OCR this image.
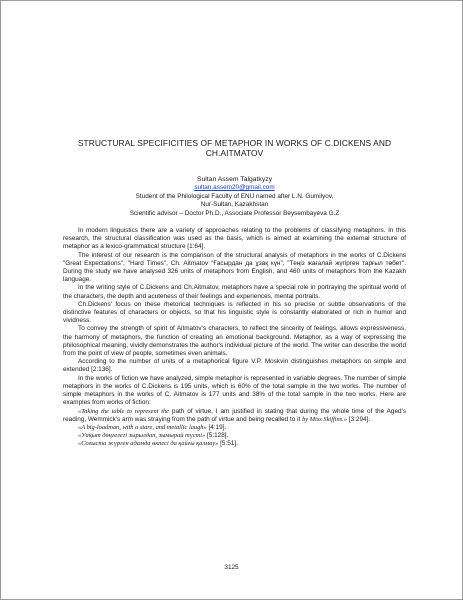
STRUCTURAL SPECIFICITIES OF METAPHOR IN WORKS OF C.DICKENS AND CH.AITMATOV
Sultan Assem Talgatkyzy
sultan.assem20@gmail.com
Student of the Philological Faculty of ENU named after L.N. Gumilyov,
Nur-Sultan, Kazakhstan
Scientific advisor – Doctor Ph.D., Associate Professor Beysembayeva G.Z

In modern linguistics there are a variety of approaches relating to the problems of classifying metaphors. In this research, the structural classification was used as the basis, which is aimed at examining the external structure of metaphor as a lexico-grammatical structure [1:64].

The interest of our research is the comparison of the structural analysis of metaphors in the works of C.Dickens "Great Expectations", "Hard Times", Ch. Aitmatov "Ғасырдан да ұзақ күн", "Теңіз жағалай жүгірген тарғыл төбет". During the study we have analysed 326 units of metaphors from English, and 460 units of metaphors from the Kazakh language.

In the writing style of C.Dickens and Ch.Aitmatov, metaphors have a special role in portraying the spiritual world of the characters, the depth and acuteness of their feelings and experiences, mental portraits.

Ch.Dickens' focus on these rhetorical techniques is reflected in his so precise or subtle observations of the distinctive features of characters or objects, so that his linguistic style is constantly elaborated or rich in humor and vividness.

To convey the strength of spirit of Aitmatov's characters, to reflect the sincerity of feelings, allows expressiveness, the harmony of metaphors, the function of creating an emotional background. Metaphor, as a way of expressing the philosophical meaning, vividly demonstrates the author's individual picture of the world. The writer can describe the world from the point of view of people, sometimes even animals.

According to the number of units of a metaphorical figure V.P. Moskvin distinguishes metaphors on simple and extended [2:136].

In the works of fiction we have analyzed, simple metaphor is represented in variable degrees. The number of simple metaphors in the works of C.Dickens is 195 units, which is 60% of the total sample in the two works. The number of simple metaphors in the works of C. Aitmatov is 177 units and 38% of the total sample in the two works. Here are examples from works of fiction:

«Taking the table to represent the path of virtue, I am justified in stating that during the whole time of the Aged's reading, Wemmick's arm was straying from the path of virtue and being recalled to it by Miss Skiffins.» [3:294].

«A big-loadman, with a stare, and metallic laugh» [4:19].

«Уақыт дөңгелегі зырылдап, зымырай түсті» [5:128].

«Соғыста жүрген адамда өкпесі да қайғы қалмау» [5:51].

3125
